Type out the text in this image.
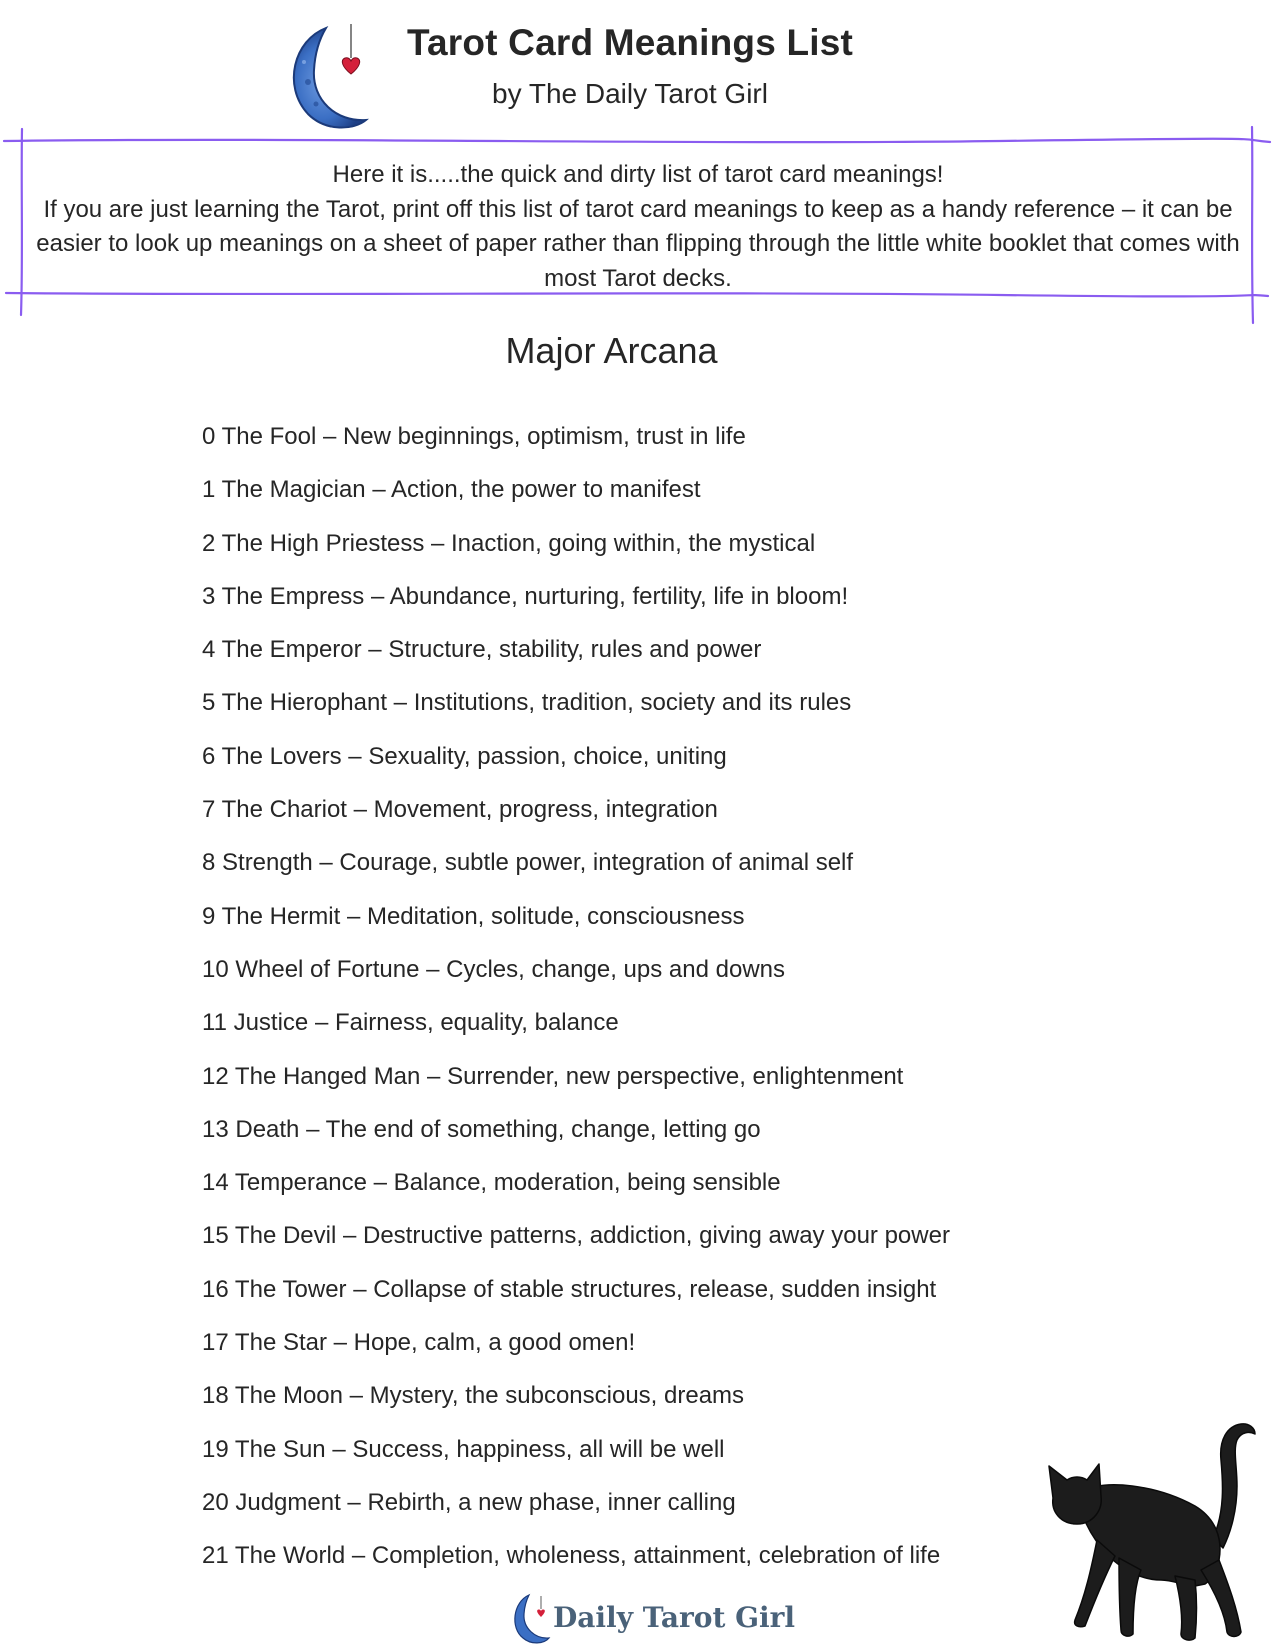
Tarot Card Meanings List
by The Daily Tarot Girl

Here it is.....the quick and dirty list of tarot card meanings!

If you are just learning the Tarot, print off this list of tarot card meanings to keep as a handy reference – it can be easier to look up meanings on a sheet of paper rather than flipping through the little white booklet that comes with most Tarot decks.

Major Arcana
0 The Fool – New beginnings, optimism, trust in life
1 The Magician – Action, the power to manifest
2 The High Priestess – Inaction, going within, the mystical
3 The Empress – Abundance, nurturing, fertility, life in bloom!
4 The Emperor – Structure, stability, rules and power
5 The Hierophant – Institutions, tradition, society and its rules
6 The Lovers – Sexuality, passion, choice, uniting
7 The Chariot – Movement, progress, integration
8 Strength – Courage, subtle power, integration of animal self
9 The Hermit – Meditation, solitude, consciousness
10 Wheel of Fortune – Cycles, change, ups and downs
11 Justice – Fairness, equality, balance
12 The Hanged Man – Surrender, new perspective, enlightenment
13 Death – The end of something, change, letting go
14 Temperance – Balance, moderation, being sensible
15 The Devil – Destructive patterns, addiction, giving away your power
16 The Tower – Collapse of stable structures, release, sudden insight
17 The Star – Hope, calm, a good omen!
18 The Moon – Mystery, the subconscious, dreams
19 The Sun – Success, happiness, all will be well
20 Judgment – Rebirth, a new phase, inner calling
21 The World – Completion, wholeness, attainment, celebration of life
Daily Tarot Girl
